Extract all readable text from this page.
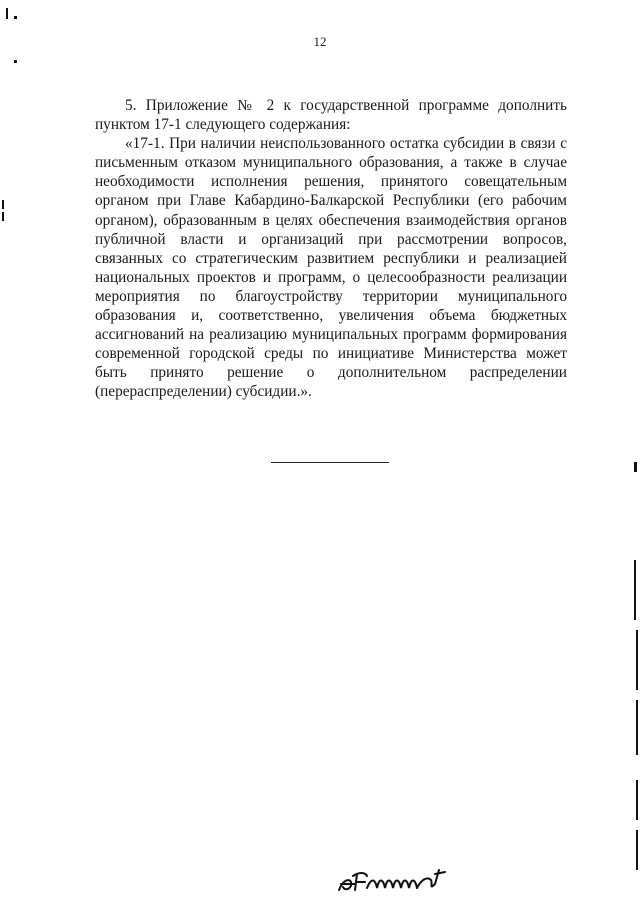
12

5. Приложение № 2 к государственной программе дополнить пунктом 17-1 следующего содержания:

«17-1. При наличии неиспользованного остатка субсидии в связи с письменным отказом муниципального образования, а также в случае необходимости исполнения решения, принятого совещательным органом при Главе Кабардино-Балкарской Республики (его рабочим органом), образованным в целях обеспечения взаимодействия органов публичной власти и организаций при рассмотрении вопросов, связанных со стратегическим развитием республики и реализацией национальных проектов и программ, о целесообразности реализации мероприятия по благоустройству территории муниципального образования и, соответственно, увеличения объема бюджетных ассигнований на реализацию муниципальных программ формирования современной городской среды по инициативе Министерства может быть принято решение о дополнительном распределении (перераспределении) субсидии.».
